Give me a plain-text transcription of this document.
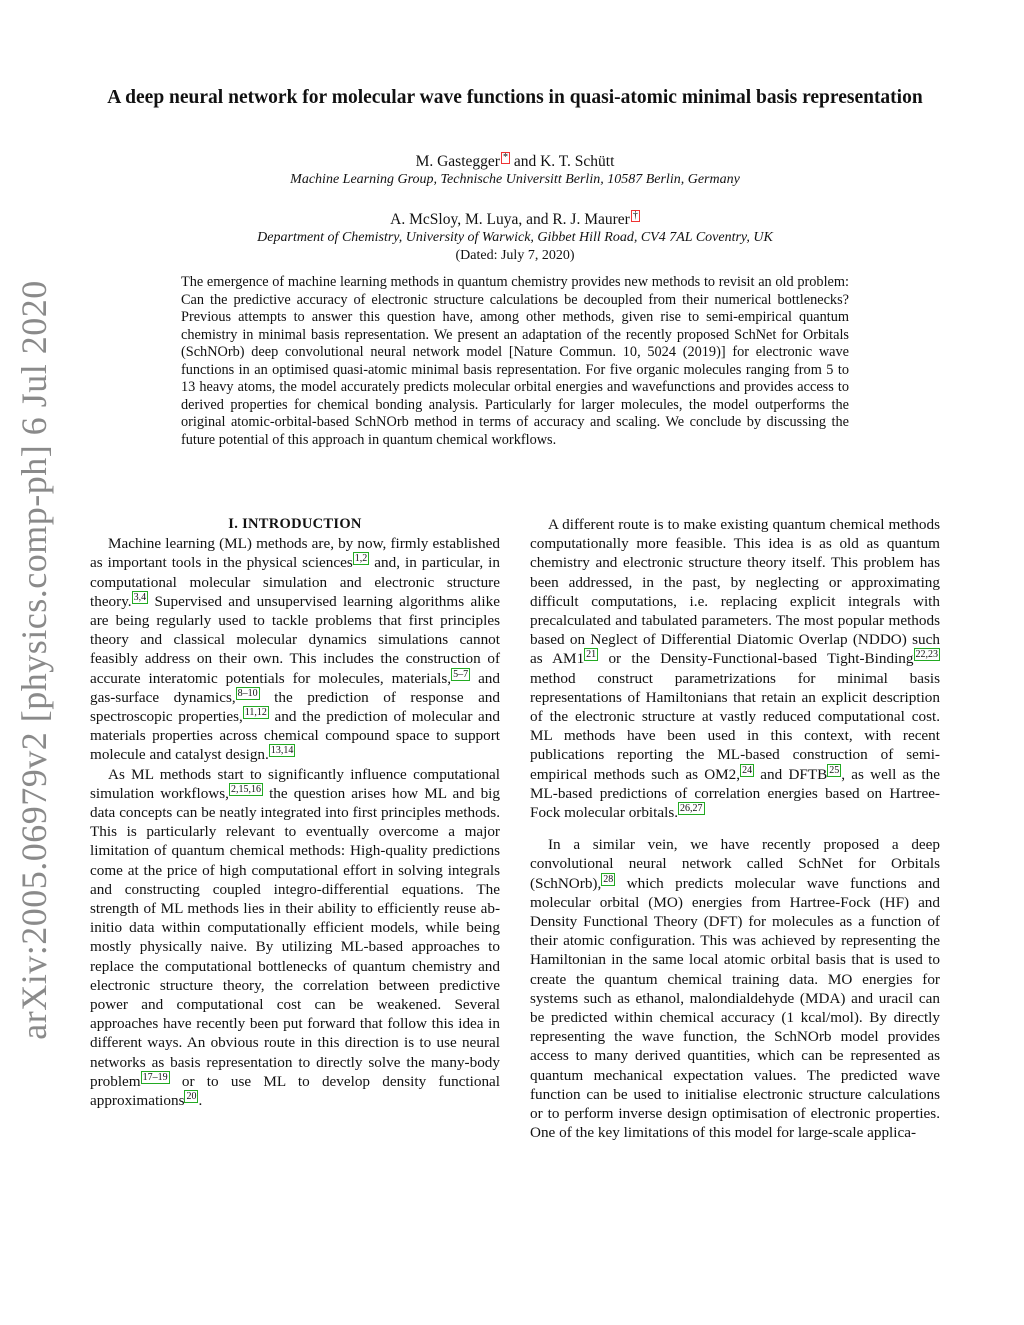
arXiv:2005.06979v2 [physics.comp-ph] 6 Jul 2020
A deep neural network for molecular wave functions in quasi-atomic minimal basis representation
M. Gastegger * and K. T. Schütt
Machine Learning Group, Technische Universitt Berlin, 10587 Berlin, Germany
A. McSloy, M. Luya, and R. J. Maurer †
Department of Chemistry, University of Warwick, Gibbet Hill Road, CV4 7AL Coventry, UK
(Dated: July 7, 2020)
The emergence of machine learning methods in quantum chemistry provides new methods to revisit an old problem: Can the predictive accuracy of electronic structure calculations be decoupled from their numerical bottlenecks? Previous attempts to answer this question have, among other methods, given rise to semi-empirical quantum chemistry in minimal basis representation. We present an adaptation of the recently proposed SchNet for Orbitals (SchNOrb) deep convolutional neural network model [Nature Commun. 10, 5024 (2019)] for electronic wave functions in an optimised quasi-atomic minimal basis representation. For five organic molecules ranging from 5 to 13 heavy atoms, the model accurately predicts molecular orbital energies and wavefunctions and provides access to derived properties for chemical bonding analysis. Particularly for larger molecules, the model outperforms the original atomic-orbital-based SchNOrb method in terms of accuracy and scaling. We conclude by discussing the future potential of this approach in quantum chemical workflows.

I. INTRODUCTION

Machine learning (ML) methods are, by now, firmly established as important tools in the physical sciences $^{1,2}$ and, in particular, in computational molecular simulation and electronic structure theory. $^{3,4}$ Supervised and unsupervised learning algorithms alike are being regularly used to tackle problems that first principles theory and classical molecular dynamics simulations cannot feasibly address on their own. This includes the construction of accurate interatomic potentials for molecules, materials, $^{5-7}$ and gas-surface dynamics, $^{8-10}$ the prediction of response and spectroscopic properties, $^{11,12}$ and the prediction of molecular and materials properties across chemical compound space to support molecule and catalyst design. $^{13,14}$

As ML methods start to significantly influence computational simulation workflows, $^{2,15,16}$ the question arises how ML and big data concepts can be neatly integrated into first principles methods. This is particularly relevant to eventually overcome a major limitation of quantum chemical methods: High-quality predictions come at the price of high computational effort in solving integrals and constructing coupled integro-differential equations. The strength of ML methods lies in their ability to efficiently reuse ab-initio data within computationally efficient models, while being mostly physically naive. By utilizing ML-based approaches to replace the computational bottlenecks of quantum chemistry and electronic structure theory, the correlation between predictive power and computational cost can be weakened. Several approaches have recently been put forward that follow this idea in different ways. An obvious route in this direction is to use neural networks as basis representation to directly solve the many-body problem $^{17-19}$ or to use ML to develop density functional approximations $^{20}$ .

A different route is to make existing quantum chemical methods computationally more feasible. This idea is as old as quantum chemistry and electronic structure theory itself. This problem has been addressed, in the past, by neglecting or approximating difficult computations, i.e. replacing explicit integrals with precalculated and tabulated parameters. The most popular methods based on Neglect of Differential Diatomic Overlap (NDDO) such as AM1 $^{21}$ or the Density-Functional-based Tight-Binding $^{22,23}$ method construct parametrizations for minimal basis representations of Hamiltonians that retain an explicit description of the electronic structure at vastly reduced computational cost. ML methods have been used in this context, with recent publications reporting the ML-based construction of semi-empirical methods such as OM2, $^{24}$ and DFTB $^{25}$ , as well as the ML-based predictions of correlation energies based on Hartree-Fock molecular orbitals. $^{26,27}$

In a similar vein, we have recently proposed a deep convolutional neural network called SchNet for Orbitals (SchNOrb), $^{28}$ which predicts molecular wave functions and molecular orbital (MO) energies from Hartree-Fock (HF) and Density Functional Theory (DFT) for molecules as a function of their atomic configuration. This was achieved by representing the Hamiltonian in the same local atomic orbital basis that is used to create the quantum chemical training data. MO energies for systems such as ethanol, malondialdehyde (MDA) and uracil can be predicted within chemical accuracy (1 kcal/mol). By directly representing the wave function, the SchNOrb model provides access to many derived quantities, which can be represented as quantum mechanical expectation values. The predicted wave function can be used to initialise electronic structure calculations or to perform inverse design optimisation of electronic properties. One of the key limitations of this model for large-scale applica-
